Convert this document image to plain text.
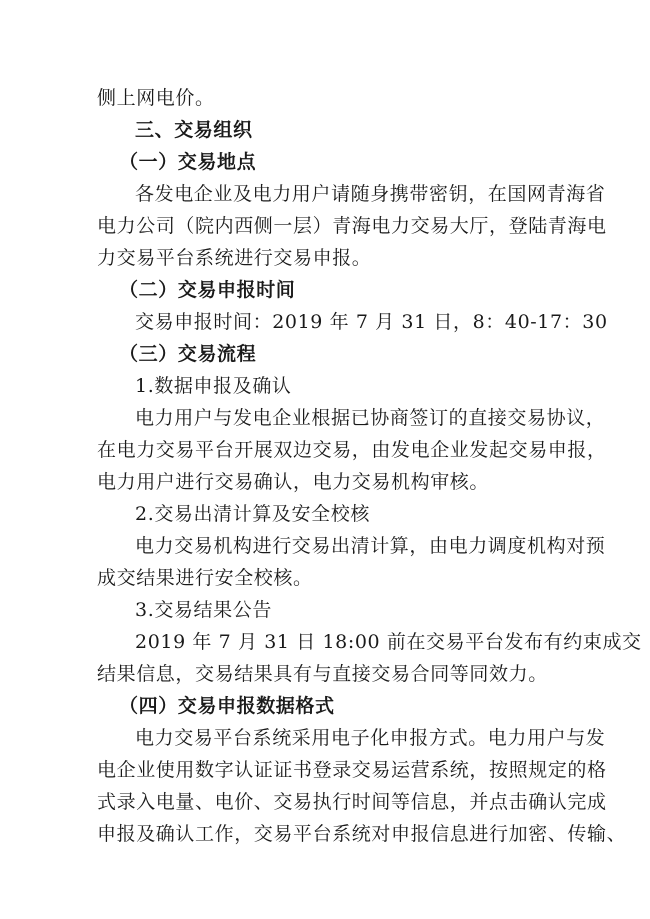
侧上网电价。
三、交易组织
（一）交易地点
各发电企业及电力用户请随身携带密钥，在国网青海省
电力公司（院内西侧一层）青海电力交易大厅，登陆青海电
力交易平台系统进行交易申报。
（二）交易申报时间
交易申报时间：2019 年 7 月 31 日，8：40-17：30
（三）交易流程
1.数据申报及确认
电力用户与发电企业根据已协商签订的直接交易协议，
在电力交易平台开展双边交易，由发电企业发起交易申报，
电力用户进行交易确认，电力交易机构审核。
2.交易出清计算及安全校核
电力交易机构进行交易出清计算，由电力调度机构对预
成交结果进行安全校核。
3.交易结果公告
2019 年 7 月 31 日 18:00 前在交易平台发布有约束成交
结果信息，交易结果具有与直接交易合同等同效力。
（四）交易申报数据格式
电力交易平台系统采用电子化申报方式。电力用户与发
电企业使用数字认证证书登录交易运营系统，按照规定的格
式录入电量、电价、交易执行时间等信息，并点击确认完成
申报及确认工作，交易平台系统对申报信息进行加密、传输、
